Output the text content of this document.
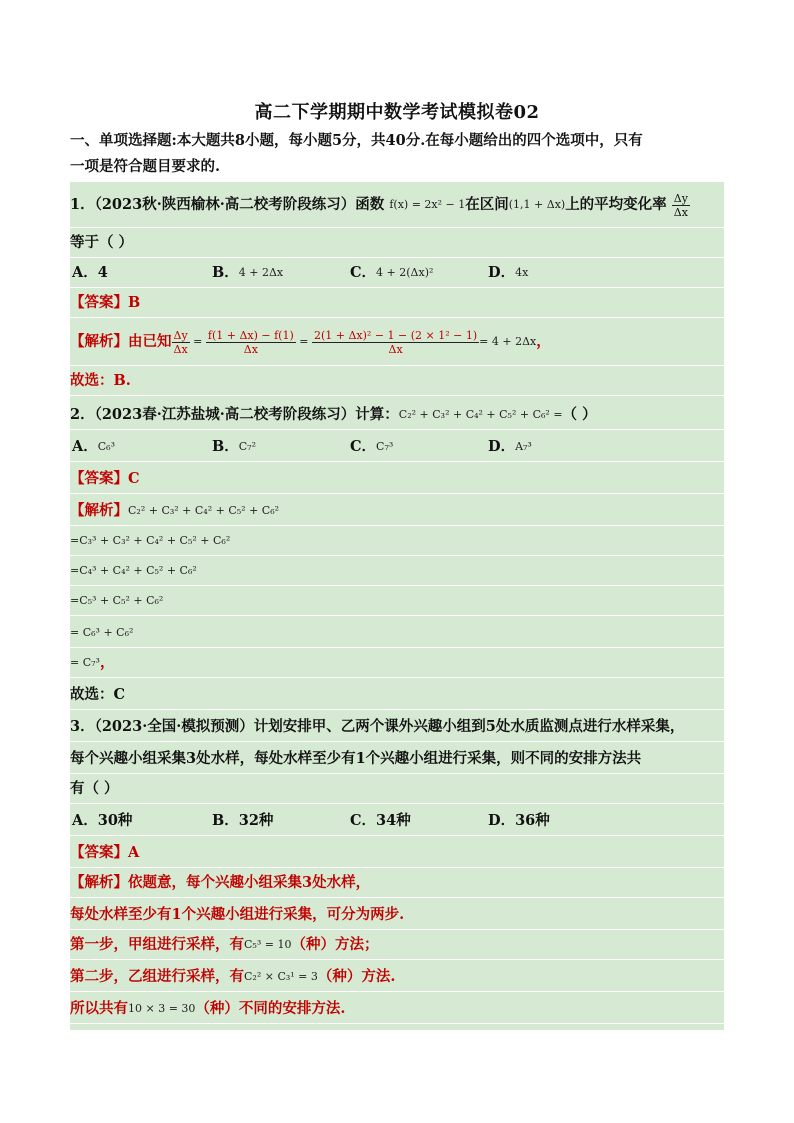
高二下学期期中数学考试模拟卷02
一、单项选择题:本大题共8小题，每小题5分，共40分.在每小题给出的四个选项中，只有
一项是符合题目要求的.
1．（2023秋·陕西榆林·高二校考阶段练习）函数 f(x) = 2x² − 1在区间(1,1 + Δx)上的平均变化率 $\frac{\Delta y}{\Delta x}$
等于（ ）
A．4	B．4 + 2Δx	C．4 + 2(Δx)²	D．4x
【答案】B
【解析】由已知 $\frac{\Delta y}{\Delta x} = \frac{f(1 + \Delta x) - f(1)}{\Delta x} = \frac{\text{2(1 + Δx)² − 1 − (2 × 1² − 1)}}{\Delta x} = 4 + 2\Delta x$，
故选：B.
2．（2023春·江苏盐城·高二校考阶段练习）计算：C₂² + C₃² + C₄² + C₅² + C₆² =（ ）
A．C₆³	B．C₇²	C．C₇³	D．A₇³
【答案】C
【解析】C₂² + C₃² + C₄² + C₅² + C₆²
=C₃³ + C₃² + C₄² + C₅² + C₆²
=C₄³ + C₄² + C₅² + C₆²
=C₅³ + C₅² + C₆²
= C₆³ + C₆²
= C₇³，
故选：C
3．（2023·全国·模拟预测）计划安排甲、乙两个课外兴趣小组到5处水质监测点进行水样采集，
每个兴趣小组采集3处水样，每处水样至少有1个兴趣小组进行采集，则不同的安排方法共
有（ ）
A．30种	B．32种	C．34种	D．36种
【答案】A
【解析】依题意，每个兴趣小组采集3处水样，
每处水样至少有1个兴趣小组进行采集，可分为两步.
第一步，甲组进行采样，有C₅³ = 10（种）方法；
第二步，乙组进行采样，有C₂² × C₃¹ = 3（种）方法.
所以共有10 × 3 = 30（种）不同的安排方法.
